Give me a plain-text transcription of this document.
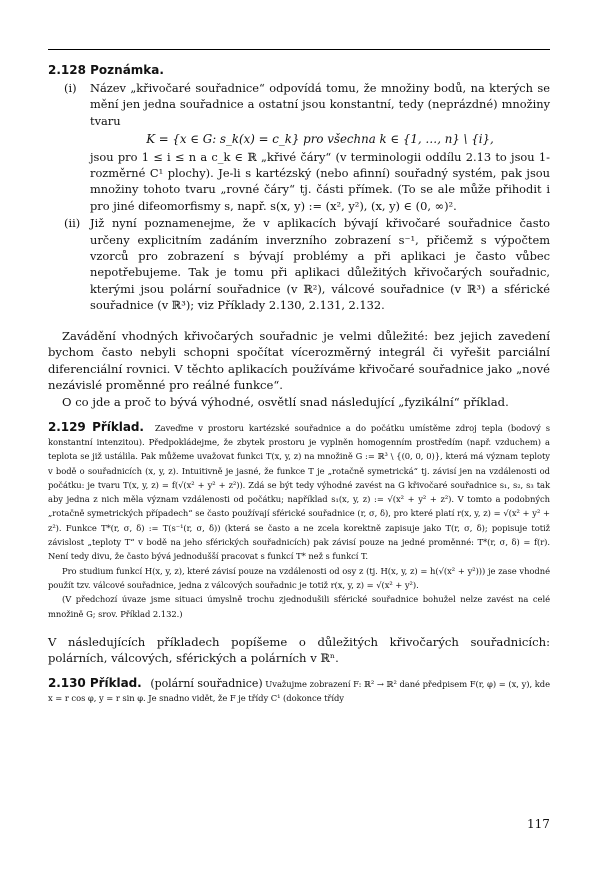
2.128 Poznámka.
(i) Název „křivočaré souřadnice“ odpovídá tomu, že množiny bodů, na kterých se mění jen jedna souřadnice a ostatní jsou konstantní, tedy (neprázdné) množiny tvaru

K = {x ∈ G: s_k(x) = c_k} pro všechna k ∈ {1, …, n} \ {i},

jsou pro 1 ≤ i ≤ n a c_k ∈ ℝ „křivé čáry“ (v terminologii oddílu 2.13 to jsou 1-rozměrné C¹ plochy). Je-li s kartézský (nebo afinní) souřadný systém, pak jsou množiny tohoto tvaru „rovné čáry“ tj. části přímek. (To se ale může přihodit i pro jiné difeomorfismy s, např. s(x, y) := (x², y²), (x, y) ∈ (0, ∞)².

(ii) Již nyní poznamenejme, že v aplikacích bývají křivočaré souřadnice často určeny explicitním zadáním inverzního zobrazení s⁻¹, přičemž s výpočtem vzorců pro zobrazení s bývají problémy a při aplikaci je často vůbec nepotřebujeme. Tak je tomu při aplikaci důležitých křivočarých souřadnic, kterými jsou polární souřadnice (v ℝ²), válcové souřadnice (v ℝ³) a sférické souřadnice (v ℝ³); viz Příklady 2.130, 2.131, 2.132.

Zavádění vhodných křivočarých souřadnic je velmi důležité: bez jejich zavedení bychom často nebyli schopni spočítat vícerozměrný integrál či vyřešit parciální diferenciální rovnici. V těchto aplikacích používáme křivočaré souřadnice jako „nové nezávislé proměnné pro reálné funkce“.

O co jde a proč to bývá výhodné, osvětlí snad následující „fyzikální“ příklad.

2.129 Příklad. Zaveďme v prostoru kartézské souřadnice a do počátku umístěme zdroj tepla (bodový s konstantní intenzitou). Předpokládejme, že zbytek prostoru je vyplněn homogenním prostředím (např. vzduchem) a teplota se již ustálila. Pak můžeme uvažovat funkci T(x, y, z) na množině G := ℝ³ \ {(0, 0, 0)}, která má význam teploty v bodě o souřadnicích (x, y, z). Intuitivně je jasné, že funkce T je „rotačně symetrická“ tj. závisí jen na vzdálenosti od počátku: je tvaru T(x, y, z) = f(√(x² + y² + z²)). Zdá se být tedy výhodné zavést na G křivočaré souřadnice s₁, s₂, s₃ tak aby jedna z nich měla význam vzdálenosti od počátku; například s₁(x, y, z) := √(x² + y² + z²). V tomto a podobných „rotačně symetrických případech“ se často používají sférické souřadnice (r, σ, δ), pro které platí r(x, y, z) = √(x² + y² + z²). Funkce T*(r, σ, δ) := T(s⁻¹(r, σ, δ)) (která se často a ne zcela korektně zapisuje jako T(r, σ, δ); popisuje totiž závislost „teploty T“ v bodě na jeho sférických souřadnicích) pak závisí pouze na jedné proměnné: T*(r, σ, δ) = f(r). Není tedy divu, že často bývá jednodušší pracovat s funkcí T* než s funkcí T.

Pro studium funkcí H(x, y, z), které závisí pouze na vzdálenosti od osy z (tj. H(x, y, z) = h(√(x² + y²))) je zase vhodné použít tzv. válcové souřadnice, jedna z válcových souřadnic je totiž r(x, y, z) = √(x² + y²).

(V předchozí úvaze jsme situaci úmyslně trochu zjednodušili sférické souřadnice bohužel nelze zavést na celé množině G; srov. Příklad 2.132.)

V následujících příkladech popíšeme o důležitých křivočarých souřadnicích: polárních, válcových, sférických a polárních v ℝⁿ.

2.130 Příklad. (polární souřadnice) Uvažujme zobrazení F: ℝ² → ℝ² dané předpisem F(r, φ) = (x, y), kde x = r cos φ, y = r sin φ. Je snadno vidět, že F je třídy C¹ (dokonce třídy

117
